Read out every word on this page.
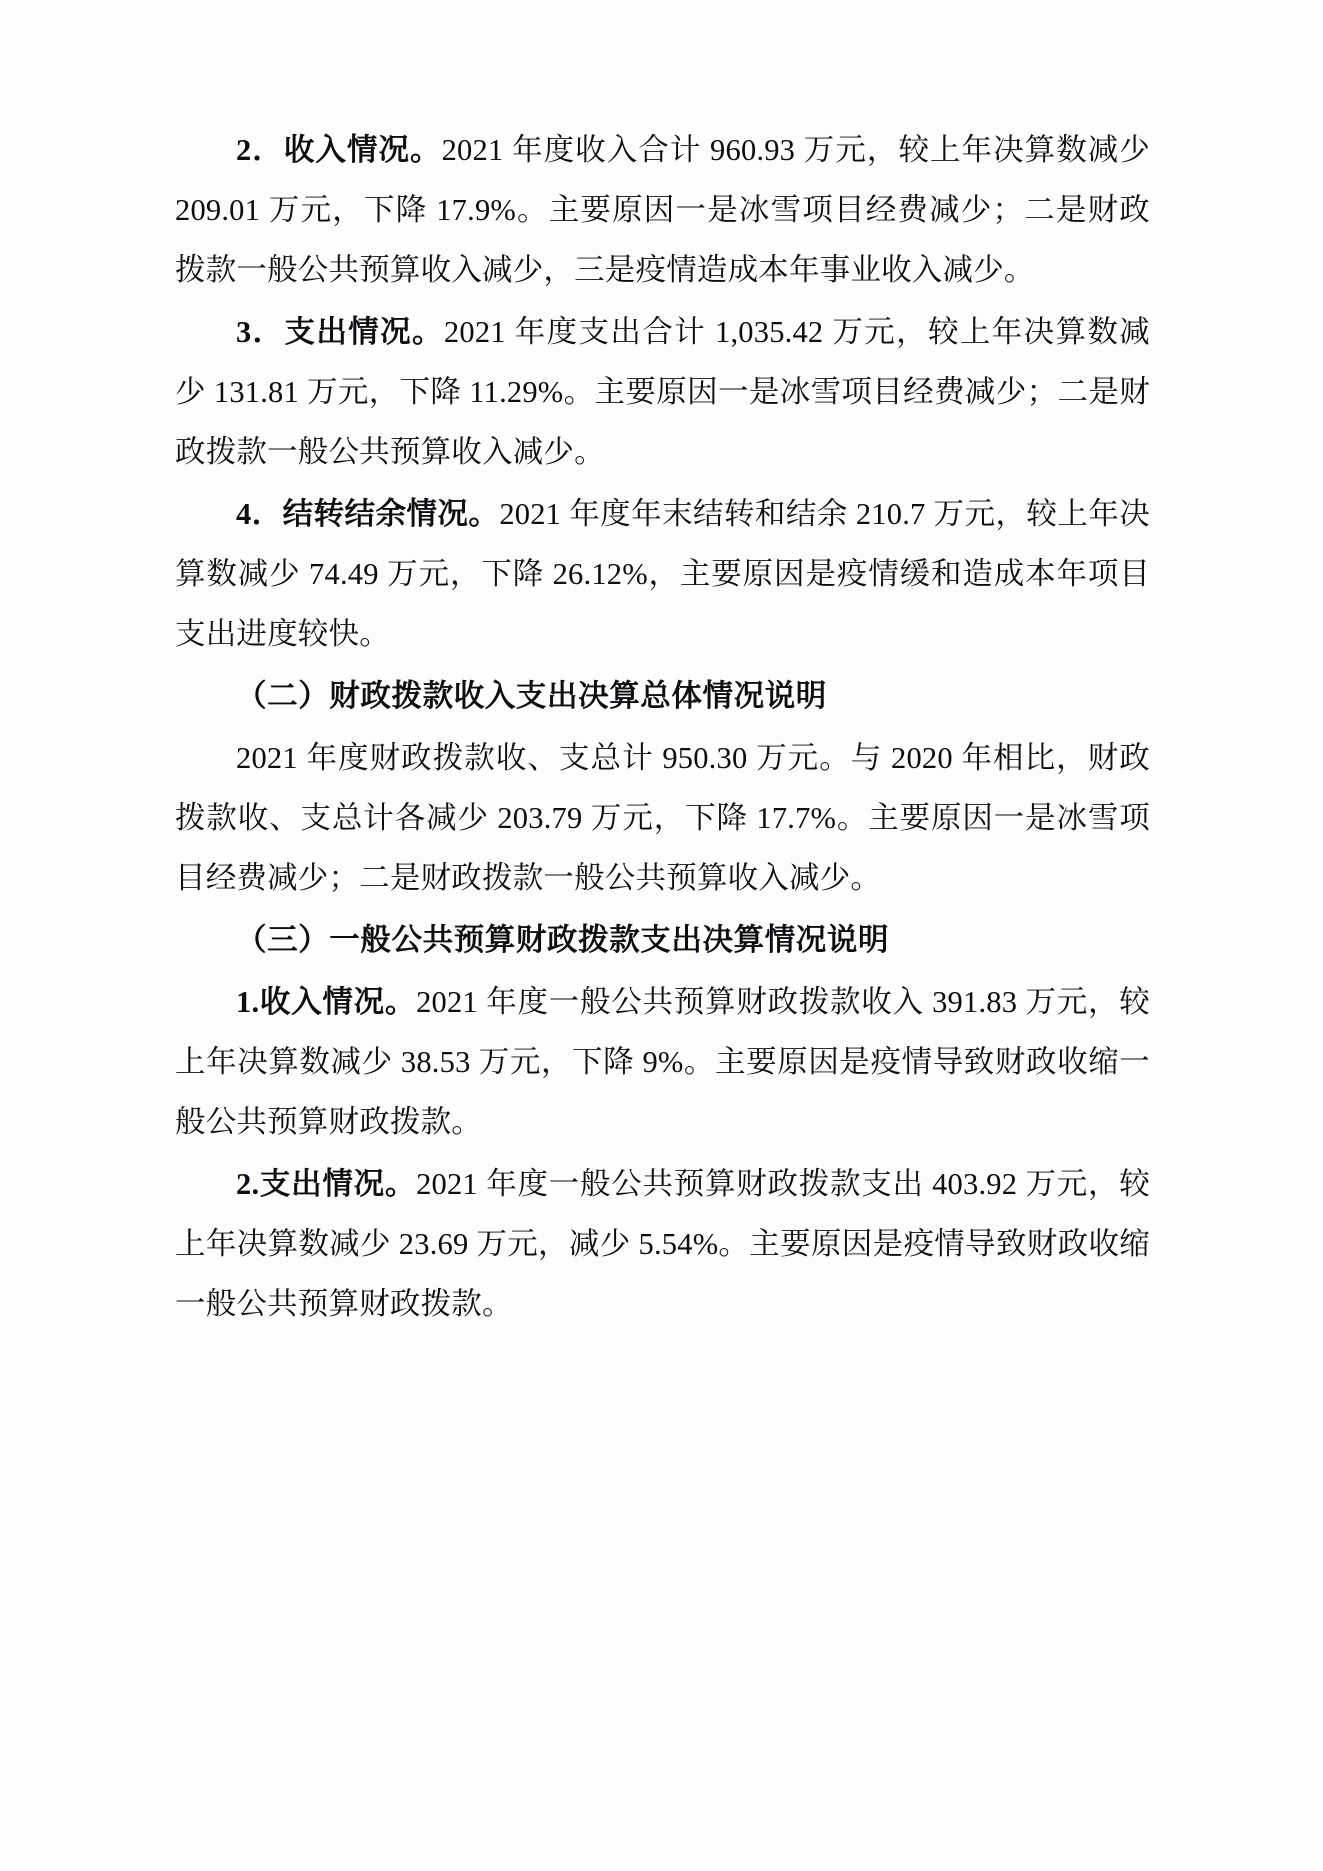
2．收入情况。2021 年度收入合计 960.93 万元，较上年决算数减少 209.01 万元，下降 17.9%。主要原因一是冰雪项目经费减少；二是财政拨款一般公共预算收入减少，三是疫情造成本年事业收入减少。

3．支出情况。2021 年度支出合计 1,035.42 万元，较上年决算数减少 131.81 万元，下降 11.29%。主要原因一是冰雪项目经费减少；二是财政拨款一般公共预算收入减少。

4．结转结余情况。2021 年度年末结转和结余 210.7 万元，较上年决算数减少 74.49 万元，下降 26.12%，主要原因是疫情缓和造成本年项目支出进度较快。

（二）财政拨款收入支出决算总体情况说明

2021 年度财政拨款收、支总计 950.30 万元。与 2020 年相比，财政拨款收、支总计各减少 203.79 万元，下降 17.7%。主要原因一是冰雪项目经费减少；二是财政拨款一般公共预算收入减少。

（三）一般公共预算财政拨款支出决算情况说明

1.收入情况。2021 年度一般公共预算财政拨款收入 391.83 万元，较上年决算数减少 38.53 万元，下降 9%。主要原因是疫情导致财政收缩一般公共预算财政拨款。

2.支出情况。2021 年度一般公共预算财政拨款支出 403.92 万元，较上年决算数减少 23.69 万元，减少 5.54%。主要原因是疫情导致财政收缩一般公共预算财政拨款。
